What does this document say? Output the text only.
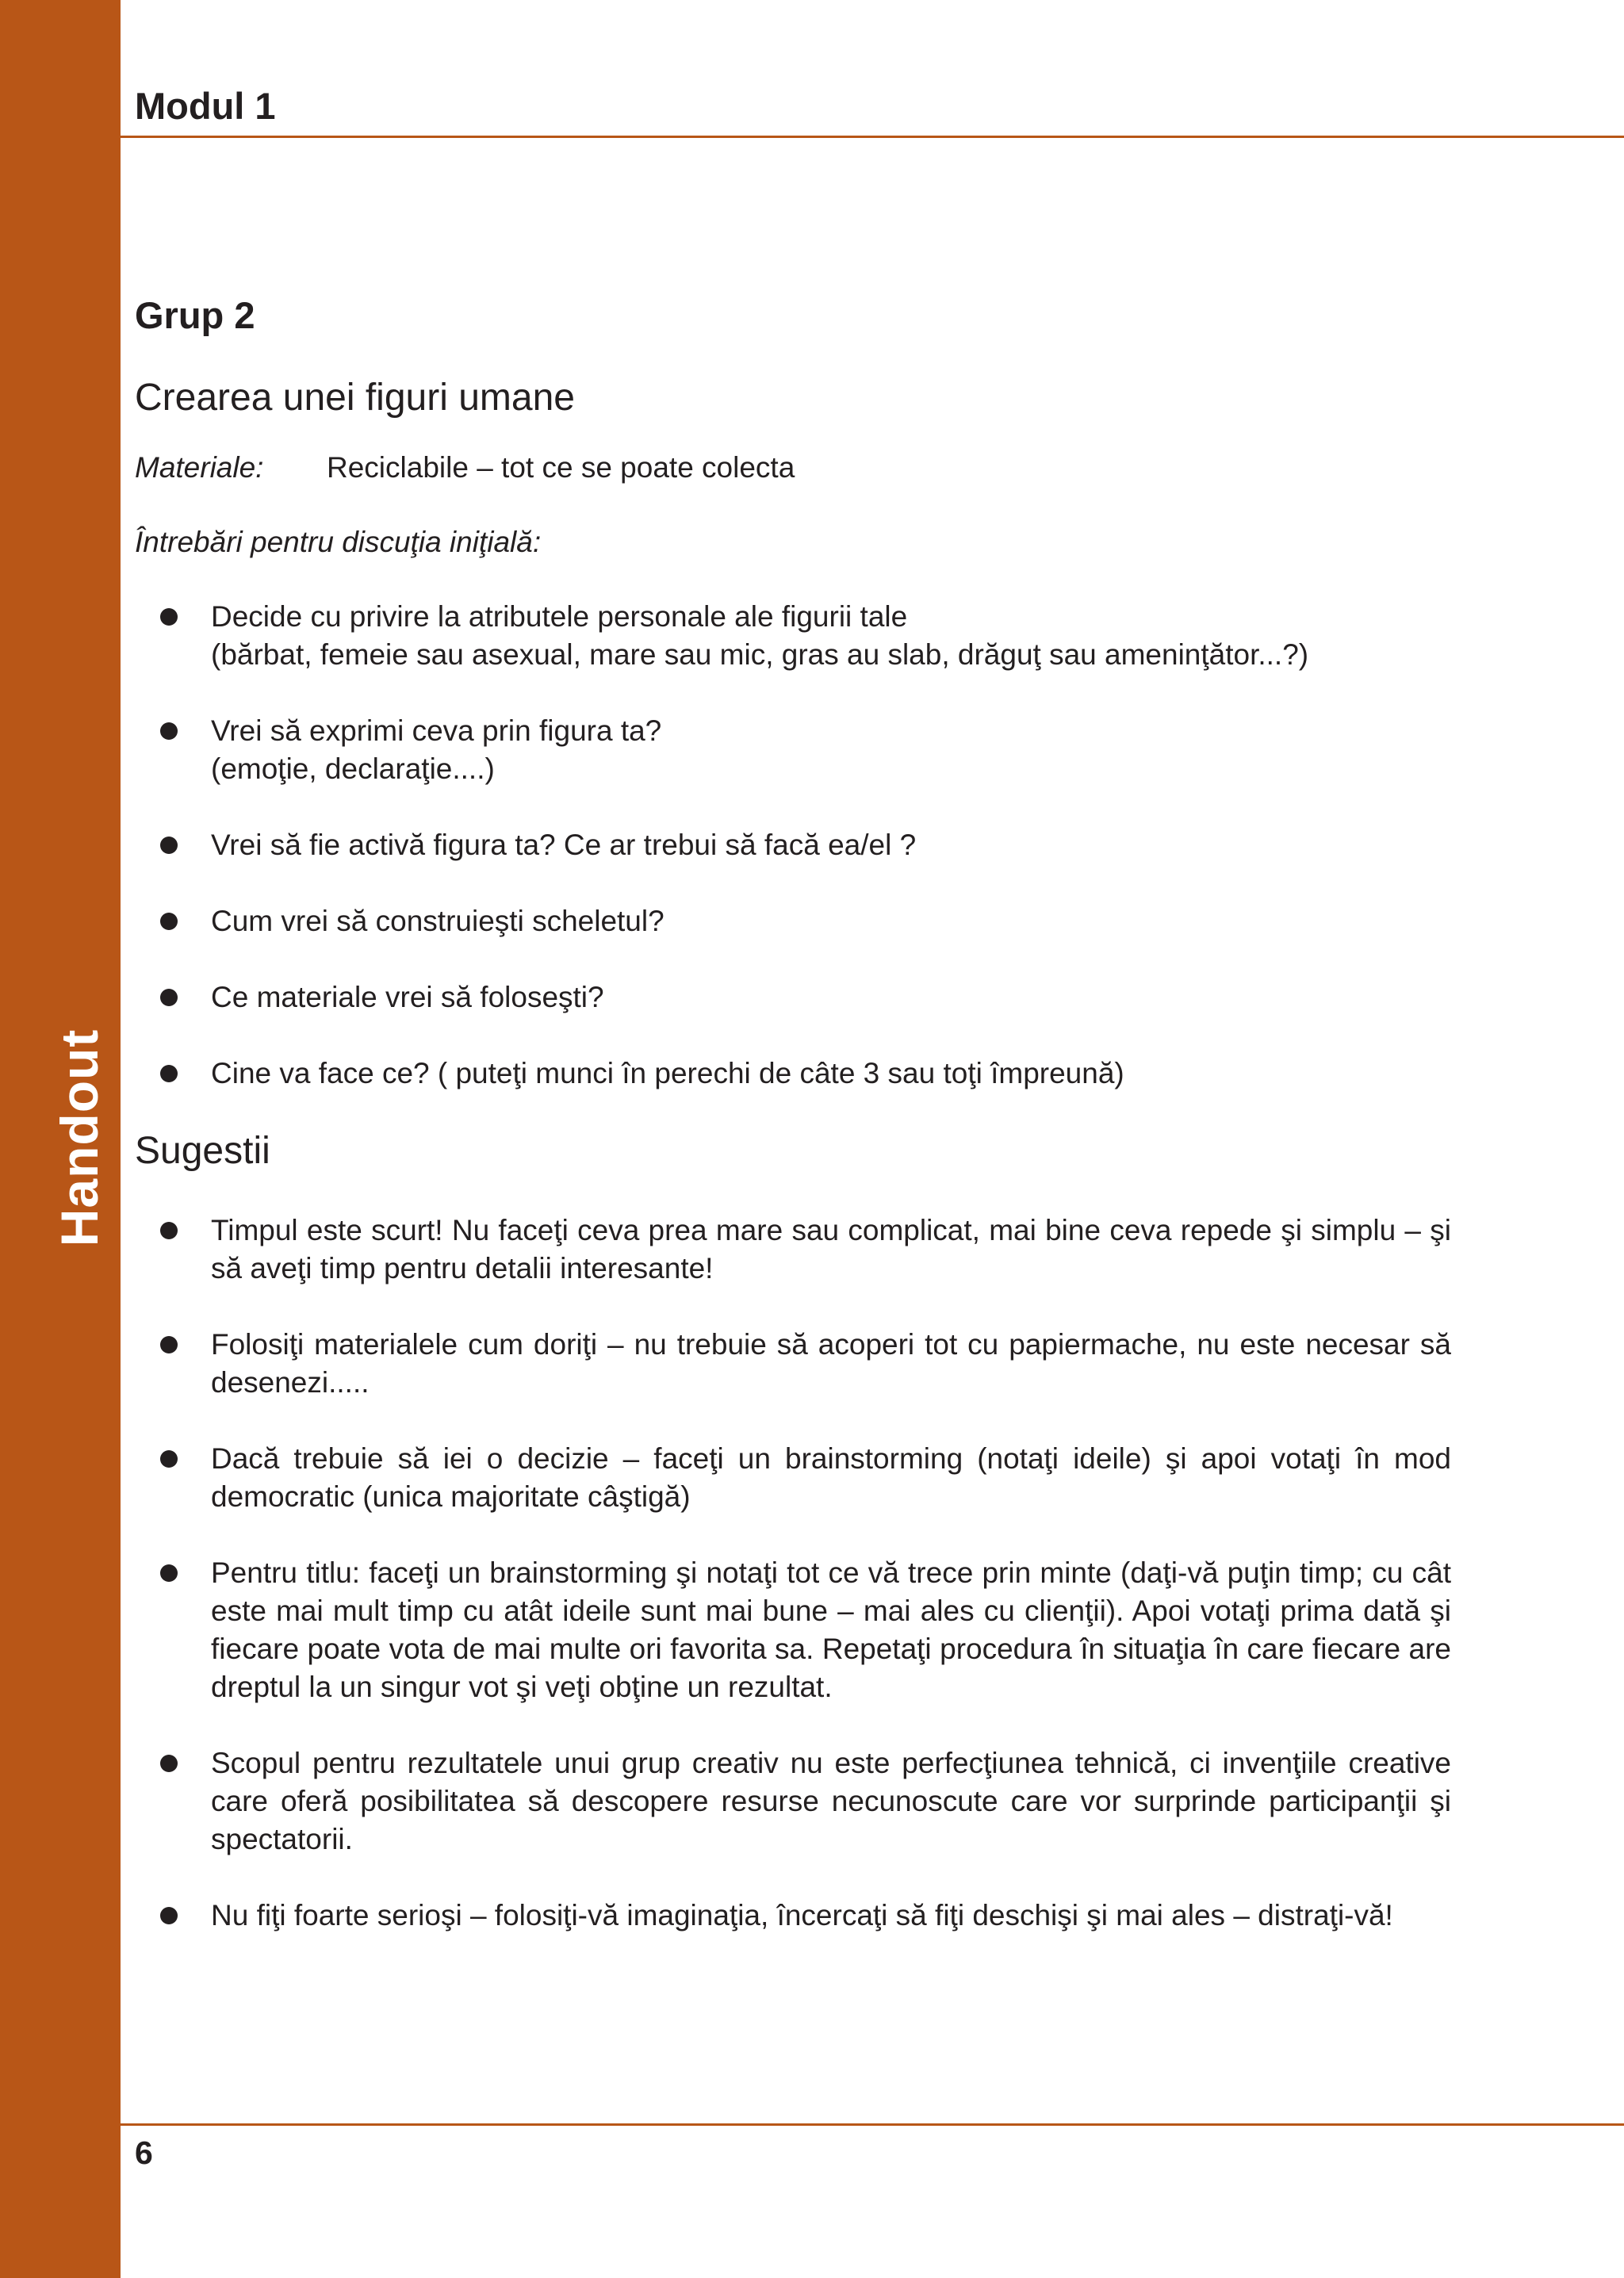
Handout
Modul 1
Grup 2
Crearea unei figuri umane
Materiale:	Reciclabile – tot ce se poate colecta
Întrebări pentru discuţia iniţială:
Decide cu privire la atributele personale ale figurii tale
(bărbat, femeie sau asexual, mare sau mic, gras au slab, drăguţ sau ameninţător...?)
Vrei să exprimi ceva prin figura ta?
(emoţie, declaraţie....)
Vrei să fie activă figura ta? Ce ar trebui să facă ea/el ?
Cum vrei să construieşti scheletul?
Ce materiale vrei să foloseşti?
Cine va face ce? ( puteţi munci în perechi de câte 3 sau toţi împreună)
Sugestii
Timpul este scurt! Nu faceţi ceva prea mare sau complicat, mai bine ceva repede şi simplu – şi să aveţi timp pentru detalii interesante!
Folosiţi materialele cum doriţi – nu trebuie să acoperi tot cu papiermache, nu este necesar să desenezi.....
Dacă trebuie să iei o decizie – faceţi un brainstorming (notaţi ideile) şi apoi votaţi în mod democratic (unica majoritate câştigă)
Pentru titlu: faceţi un brainstorming şi notaţi tot ce vă trece prin minte (daţi-vă puţin timp; cu cât este mai mult timp cu atât ideile sunt mai bune – mai ales cu clienţii). Apoi votaţi prima dată şi fiecare poate vota de mai multe ori favorita sa. Repetaţi procedura în situaţia în care fiecare are dreptul la un singur vot şi veţi obţine un rezultat.
Scopul pentru rezultatele unui grup creativ nu este perfecţiunea tehnică, ci invenţiile creative care oferă posibilitatea să descopere resurse necunoscute care vor surprinde participanţii şi spectatorii.
Nu fiţi foarte serioşi – folosiţi-vă imaginaţia, încercaţi să fiţi deschişi şi mai ales – distraţi-vă!
6
